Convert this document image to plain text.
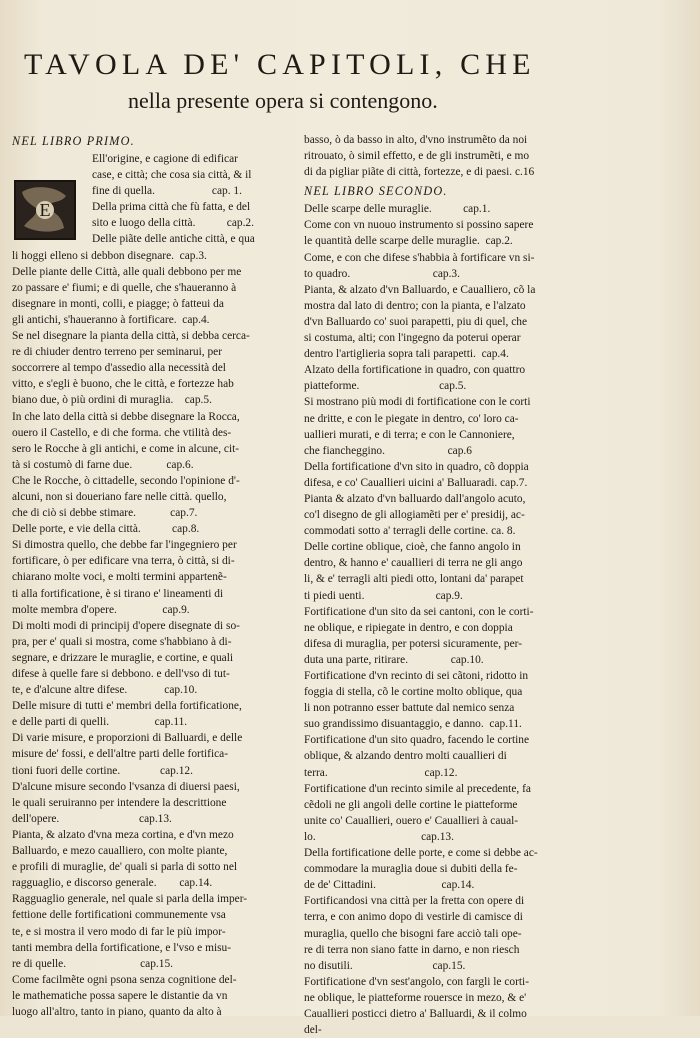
TAVOLA DE' CAPITOLI, CHE
nella presente opera si contengono.
NEL LIBRO PRIMO.
Ell'origine, e cagione di edificar
case, e città; che cosa sia città, & il
fine di quella.                    cap. 1.
Della prima città che fù fatta, e del
sito e luogo della città.           cap.2.
Delle piãte delle antiche città, e qua
li hoggi elleno si debbon disegnare.  cap.3.
Delle piante delle Città, alle quali debbono per me
zo passare e' fiumi; e di quelle, che s'haueranno à
disegnare in monti, colli, e piagge; ò fatteui da
gli antichi, s'haueranno à fortificare.  cap.4.
Se nel disegnare la pianta della città, si debba cerca-
re di chiuder dentro terreno per seminarui, per
soccorrere al tempo d'assedio alla necessità del
vitto, e s'egli è buono, che le città, e fortezze hab
biano due, ò più ordini di muraglia.    cap.5.
In che lato della città si debbe disegnare la Rocca,
ouero il Castello, e di che forma. che vtilità des-
sero le Rocche à gli antichi, e come in alcune, cit-
tà si costumò di farne due.            cap.6.
Che le Rocche, ò cittadelle, secondo l'opinione d'-
alcuni, non si doueriano fare nelle città. quello,
che di ciò si debbe stimare.            cap.7.
Delle porte, e vie della città.           cap.8.
Si dimostra quello, che debbe far l'ingegniero per
fortificare, ò per edificare vna terra, ò città, si di-
chiarano molte voci, e molti termini appartenẽ-
ti alla fortificatione, è si tirano e' lineamenti di
molte membra d'opere.                cap.9.
Di molti modi di principij d'opere disegnate di so-
pra, per e' quali si mostra, come s'habbiano à di-
segnare, e drizzare le muraglie, e cortine, e quali
difese à quelle fare si debbono. e dell'vso di tut-
te, e d'alcune altre difese.             cap.10.
Delle misure di tutti e' membri della fortificatione,
e delle parti di quelli.                cap.11.
Di varie misure, e proporzioni di Balluardi, e delle
misure de' fossi, e dell'altre parti delle fortifica-
tioni fuori delle cortine.              cap.12.
D'alcune misure secondo l'vsanza di diuersi paesi,
le quali seruiranno per intendere la descrittione
dell'opere.                            cap.13.
Pianta, & alzato d'vna meza cortina, e d'vn mezo
Balluardo, e mezo caualliero, con molte piante,
e profili di muraglie, de' quali si parla di sotto nel
ragguaglio, e discorso generale.        cap.14.
Ragguaglio generale, nel quale si parla della imper-
fettione delle fortificationi communemente vsa
te, e si mostra il vero modo di far le più impor-
tanti membra della fortificatione, e l'vso e misu-
re di quelle.                          cap.15.
Come facilmẽte ogni psona senza cognitione del-
le mathematiche possa sapere le distantie da vn
luogo all'altro, tanto in piano, quanto da alto à
E
basso, ò da basso in alto, d'vno instrumẽto da noi
ritrouato, ò simil effetto, e de gli instrumẽti, e mo
di da pigliar piãte di città, fortezze, e di paesi. c.16
NEL LIBRO SECONDO.
Delle scarpe delle muraglie.           cap.1.
Come con vn nuouo instrumento si possino sapere
le quantità delle scarpe delle muraglie.  cap.2.
Come, e con che difese s'habbia à fortificare vn si-
to quadro.                             cap.3.
Pianta, & alzato d'vn Balluardo, e Caualliero, cõ la
mostra dal lato di dentro; con la pianta, e l'alzato
d'vn Balluardo co' suoi parapetti, piu di quel, che
si costuma, alti; con l'ingegno da poterui operar
dentro l'artiglieria sopra tali parapetti.  cap.4.
Alzato della fortificatione in quadro, con quattro
piatteforme.                            cap.5.
Si mostrano più modi di fortificatione con le corti
ne dritte, e con le piegate in dentro, co' loro ca-
uallieri murati, e di terra; e con le Cannoniere,
che fiancheggino.                      cap.6
Della fortificatione d'vn sito in quadro, cõ doppia
difesa, e co' Cauallieri uicini a' Balluaradi. cap.7.
Pianta & alzato d'vn balluardo dall'angolo acuto,
co'l disegno de gli allogiamẽti per e' presidij, ac-
commodati sotto a' terragli delle cortine. ca. 8.
Delle cortine oblique, cioè, che fanno angolo in
dentro, & hanno e' cauallieri di terra ne gli ango
li, & e' terragli alti piedi otto, lontani da' parapet
ti piedi uenti.                         cap.9.
Fortificatione d'un sito da sei cantoni, con le corti-
ne oblique, e ripiegate in dentro, e con doppia
difesa di muraglia, per potersi sicuramente, per-
duta una parte, ritirare.               cap.10.
Fortificatione d'vn recinto di sei cãtoni, ridotto in
foggia di stella, cõ le cortine molto oblique, qua
li non potranno esser battute dal nemico senza
suo grandissimo disuantaggio, e danno.  cap.11.
Fortificatione d'un sito quadro, facendo le cortine
oblique, & alzando dentro molti cauallieri di
terra.                                  cap.12.
Fortificatione d'un recinto simile al precedente, fa
cẽdoli ne gli angoli delle cortine le piatteforme
unite co' Cauallieri, ouero e' Cauallieri à caual-
lo.                                     cap.13.
Della fortificatione delle porte, e come si debbe ac-
commodare la muraglia doue si dubiti della fe-
de de' Cittadini.                       cap.14.
Fortificandosi vna città per la fretta con opere di
terra, e con animo dopo di vestirle di camisce di
muraglia, quello che bisogni fare acciò tali ope-
re di terra non siano fatte in darno, e non riesch
no disutili.                            cap.15.
Fortificatione d'vn sest'angolo, con fargli le corti-
ne oblique, le piatteforme rouersce in mezo, & e'
Cauallieri posticci dietro a' Balluardi, & il colmo
del-
